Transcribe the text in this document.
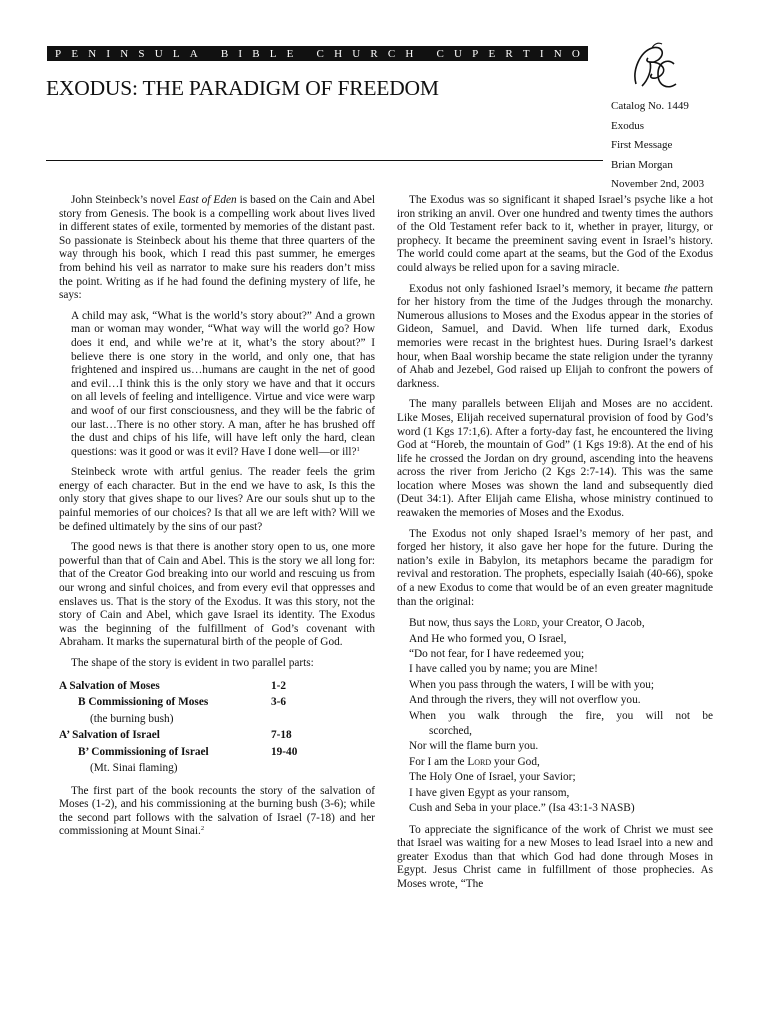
P E N I N S U L A
B I B L E
C H U R C H
C U P E R T I N O
EXODUS: THE PARADIGM OF FREEDOM
Catalog No. 1449
Exodus
First Message
Brian Morgan
November 2nd, 2003

John Steinbeck’s novel East of Eden is based on the Cain and Abel story from Genesis. The book is a compelling work about lives lived in different states of exile, tormented by memories of the distant past. So passionate is Steinbeck about his theme that three quarters of the way through his book, which I read this past summer, he emerges from behind his veil as narrator to make sure his readers don’t miss the point. Writing as if he had found the defining mystery of life, he says:

A child may ask, “What is the world’s story about?” And a grown man or woman may wonder, “What way will the world go? How does it end, and while we’re at it, what’s the story about?” I believe there is one story in the world, and only one, that has frightened and inspired us…humans are caught in the net of good and evil…I think this is the only story we have and that it occurs on all levels of feeling and intelligence. Virtue and vice were warp and woof of our first consciousness, and they will be the fabric of our last…There is no other story. A man, after he has brushed off the dust and chips of his life, will have left only the hard, clean questions: was it good or was it evil? Have I done well—or ill?$^1$

Steinbeck wrote with artful genius. The reader feels the grim energy of each character. But in the end we have to ask, Is this the only story that gives shape to our lives? Are our souls shut up to the painful memories of our choices? Is that all we are left with? Will we be defined ultimately by the sins of our past?

The good news is that there is another story open to us, one more powerful than that of Cain and Abel. This is the story we all long for: that of the Creator God breaking into our world and rescuing us from our wrong and sinful choices, and from every evil that oppresses and enslaves us. That is the story of the Exodus. It was this story, not the story of Cain and Abel, which gave Israel its identity. The Exodus was the beginning of the fulfillment of God’s covenant with Abraham. It marks the supernatural birth of the people of God.

The shape of the story is evident in two parallel parts:

A Salvation of Moses	1-2
B Commissioning of Moses	3-6
(the burning bush)
A’ Salvation of Israel	7-18
B’ Commissioning of Israel	19-40
(Mt. Sinai flaming)

The first part of the book recounts the story of the salvation of Moses (1-2), and his commissioning at the burning bush (3-6); while the second part follows with the salvation of Israel (7-18) and her commissioning at Mount Sinai.$^2$

The Exodus was so significant it shaped Israel’s psyche like a hot iron striking an anvil. Over one hundred and twenty times the authors of the Old Testament refer back to it, whether in prayer, liturgy, or prophecy. It became the preeminent saving event in Israel’s history. The world could come apart at the seams, but the God of the Exodus could always be relied upon for a saving miracle.

Exodus not only fashioned Israel’s memory, it became the pattern for her history from the time of the Judges through the monarchy. Numerous allusions to Moses and the Exodus appear in the stories of Gideon, Samuel, and David. When life turned dark, Exodus memories were recast in the brightest hues. During Israel’s darkest hour, when Baal worship became the state religion under the tyranny of Ahab and Jezebel, God raised up Elijah to confront the powers of darkness.

The many parallels between Elijah and Moses are no accident. Like Moses, Elijah received supernatural provision of food by God’s word (1 Kgs 17:1,6). After a forty-day fast, he encountered the living God at “Horeb, the mountain of God” (1 Kgs 19:8). At the end of his life he crossed the Jordan on dry ground, ascending into the heavens across the river from Jericho (2 Kgs 2:7-14). This was the same location where Moses was shown the land and subsequently died (Deut 34:1). After Elijah came Elisha, whose ministry continued to reawaken the memories of Moses and the Exodus.

The Exodus not only shaped Israel’s memory of her past, and forged her history, it also gave her hope for the future. During the nation’s exile in Babylon, its metaphors became the paradigm for revival and restoration. The prophets, especially Isaiah (40-66), spoke of a new Exodus to come that would be of an even greater magnitude than the original:

But now, thus says the Lord, your Creator, O Jacob,
And He who formed you, O Israel,
“Do not fear, for I have redeemed you;
I have called you by name; you are Mine!
When you pass through the waters, I will be with you;
And through the rivers, they will not overflow you.
When you walk through the fire, you will not be
scorched,
Nor will the flame burn you.
For I am the Lord your God,
The Holy One of Israel, your Savior;
I have given Egypt as your ransom,
Cush and Seba in your place.” (Isa 43:1-3 NASB)

To appreciate the significance of the work of Christ we must see that Israel was waiting for a new Moses to lead Israel into a new and greater Exodus than that which God had done through Moses in Egypt. Jesus Christ came in fulfillment of those prophecies. As Moses wrote, “The
